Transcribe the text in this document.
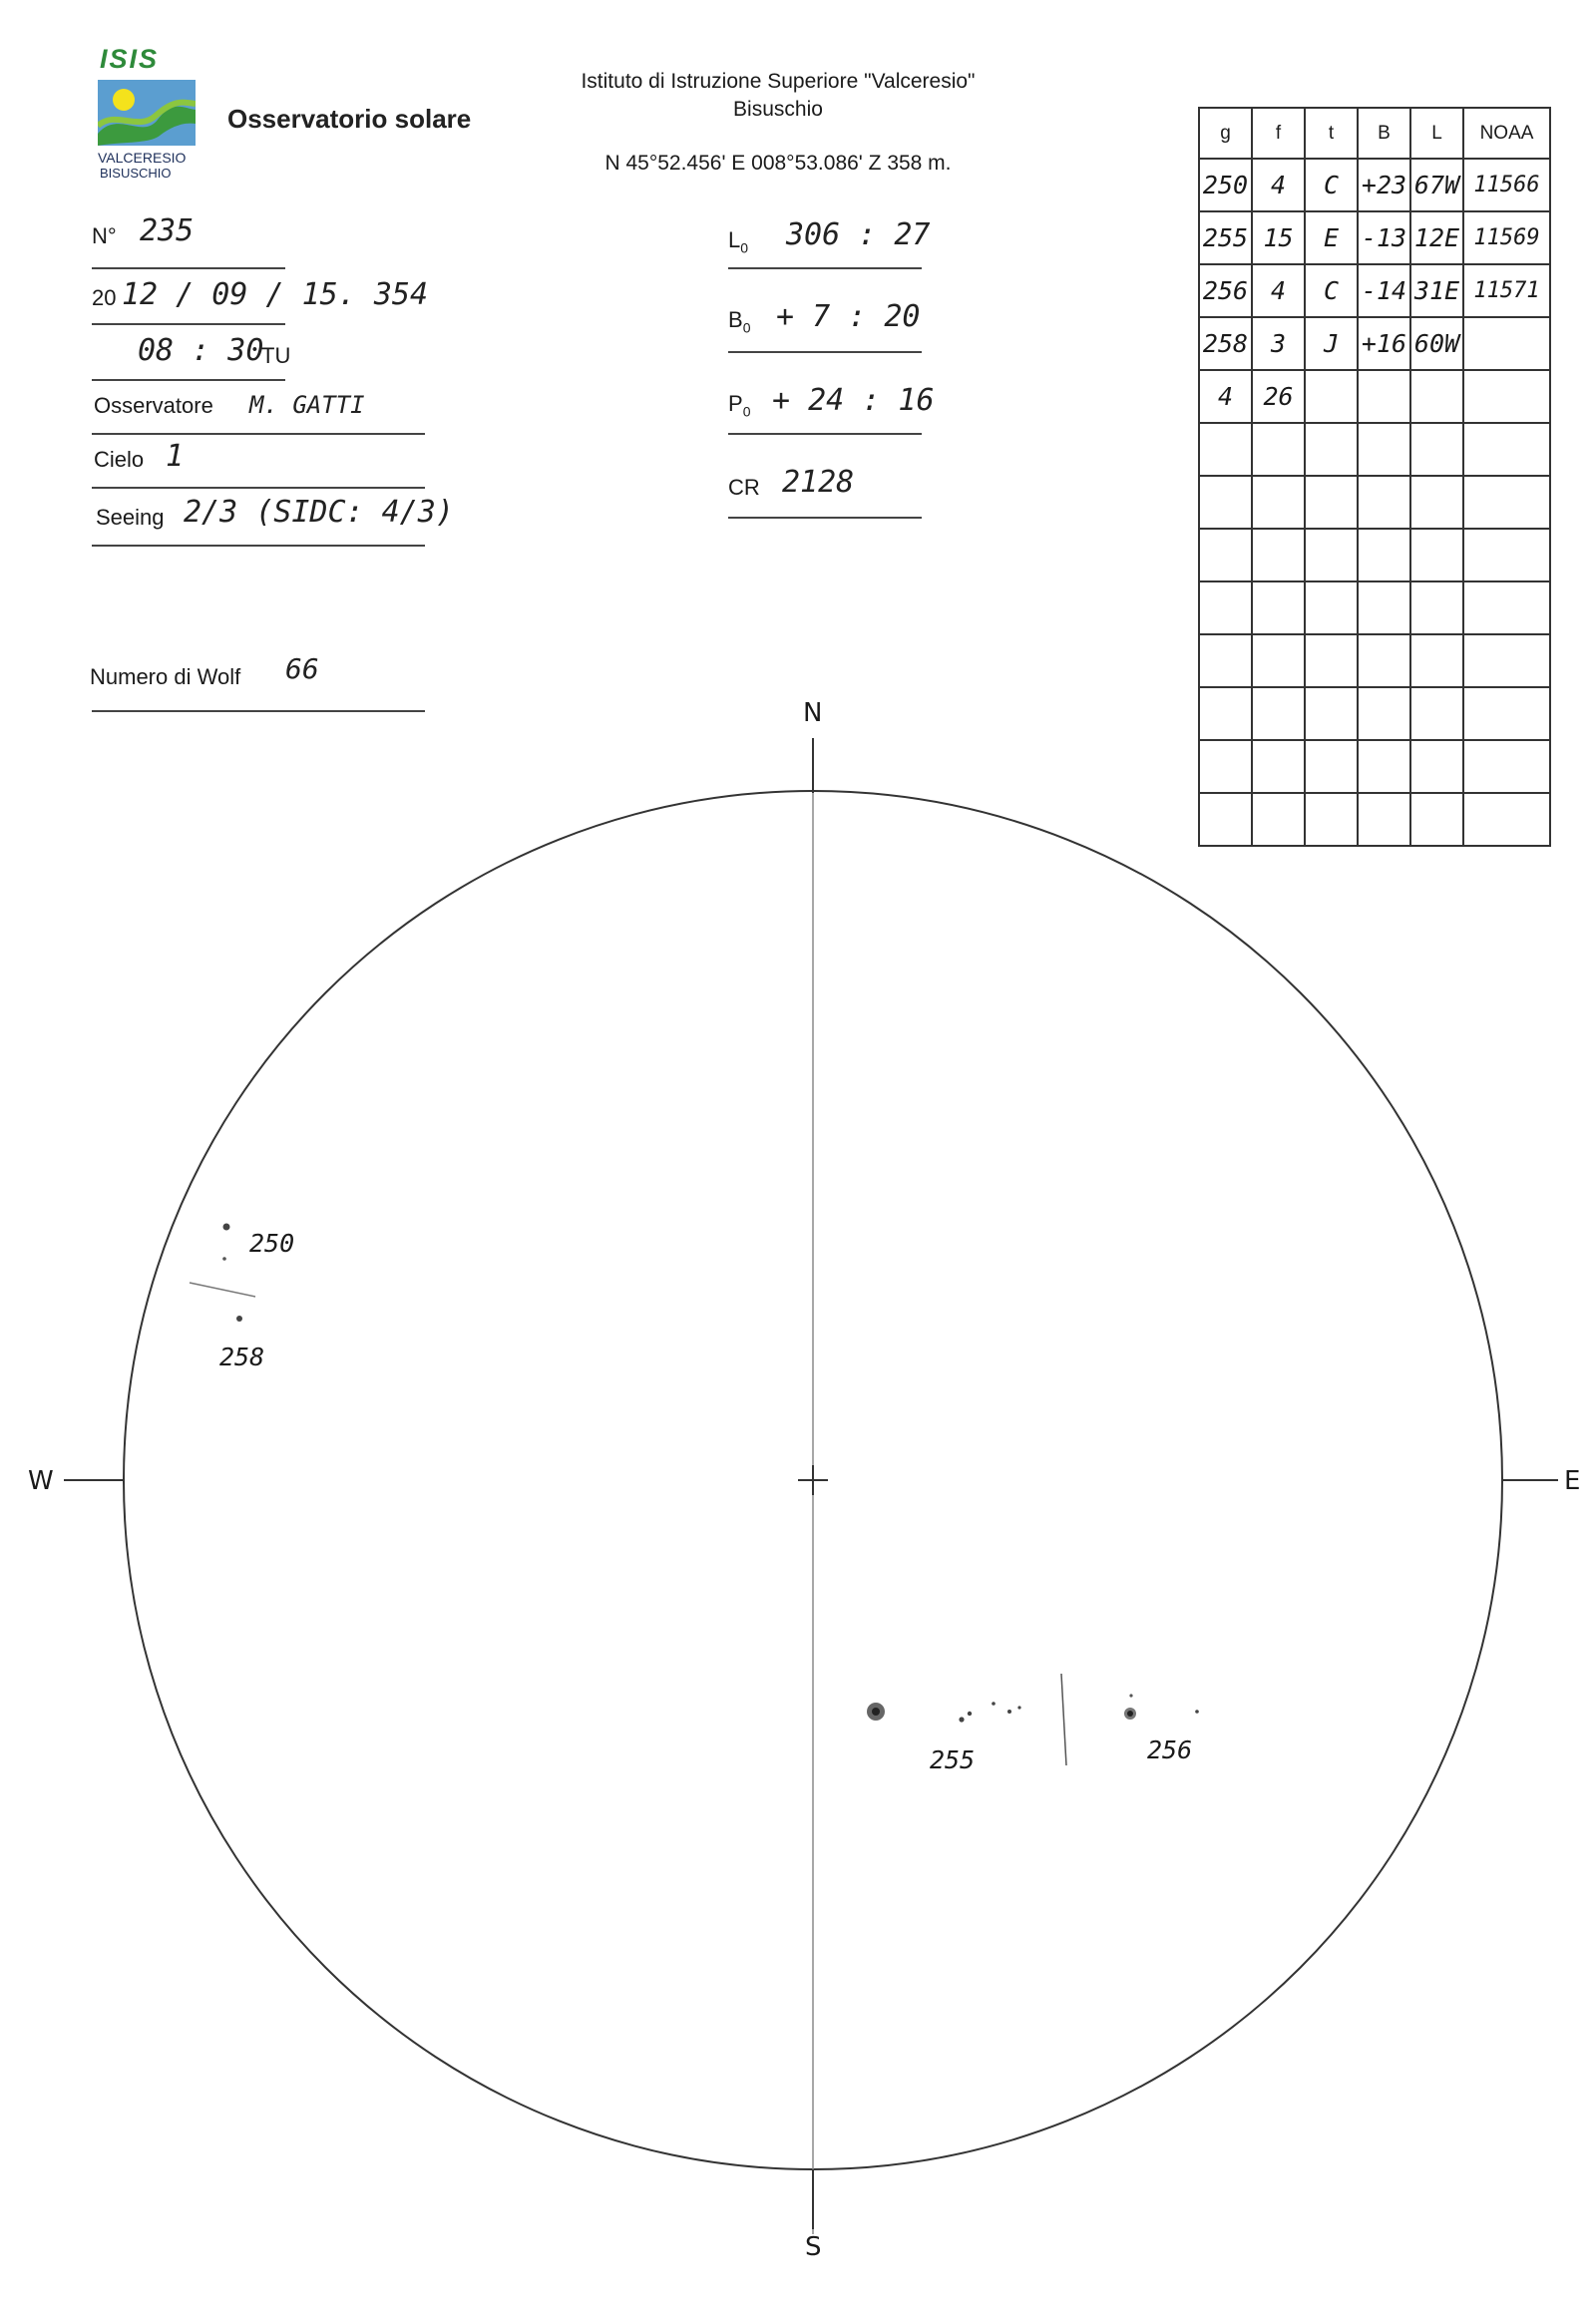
ISIS
VALCERESIO
BISUSCHIO
Osservatorio solare
Istituto di Istruzione Superiore "Valceresio"
Bisuschio
N 45°52.456' E 008°53.086' Z 358 m.
N° 235
20 12 / 09 / 15. 354
08 : 30
TU
Osservatore M. GATTI
Cielo 1
Seeing 2/3 (SIDC: 4/3)
Numero di Wolf 66
$L_0$ 306 : 27
$B_0 + 7$ : 20
$P_0 + 24$ : 16
CR 2128
g	f	t	B	L	NOAA
250	4	C	+23	67W	11566
255	15	E	-13	12E	11569
256	4	C	-14	31E	11571
258	3	J	+16	60W	
4	26				

N
S
E
W
250
258
255	256
